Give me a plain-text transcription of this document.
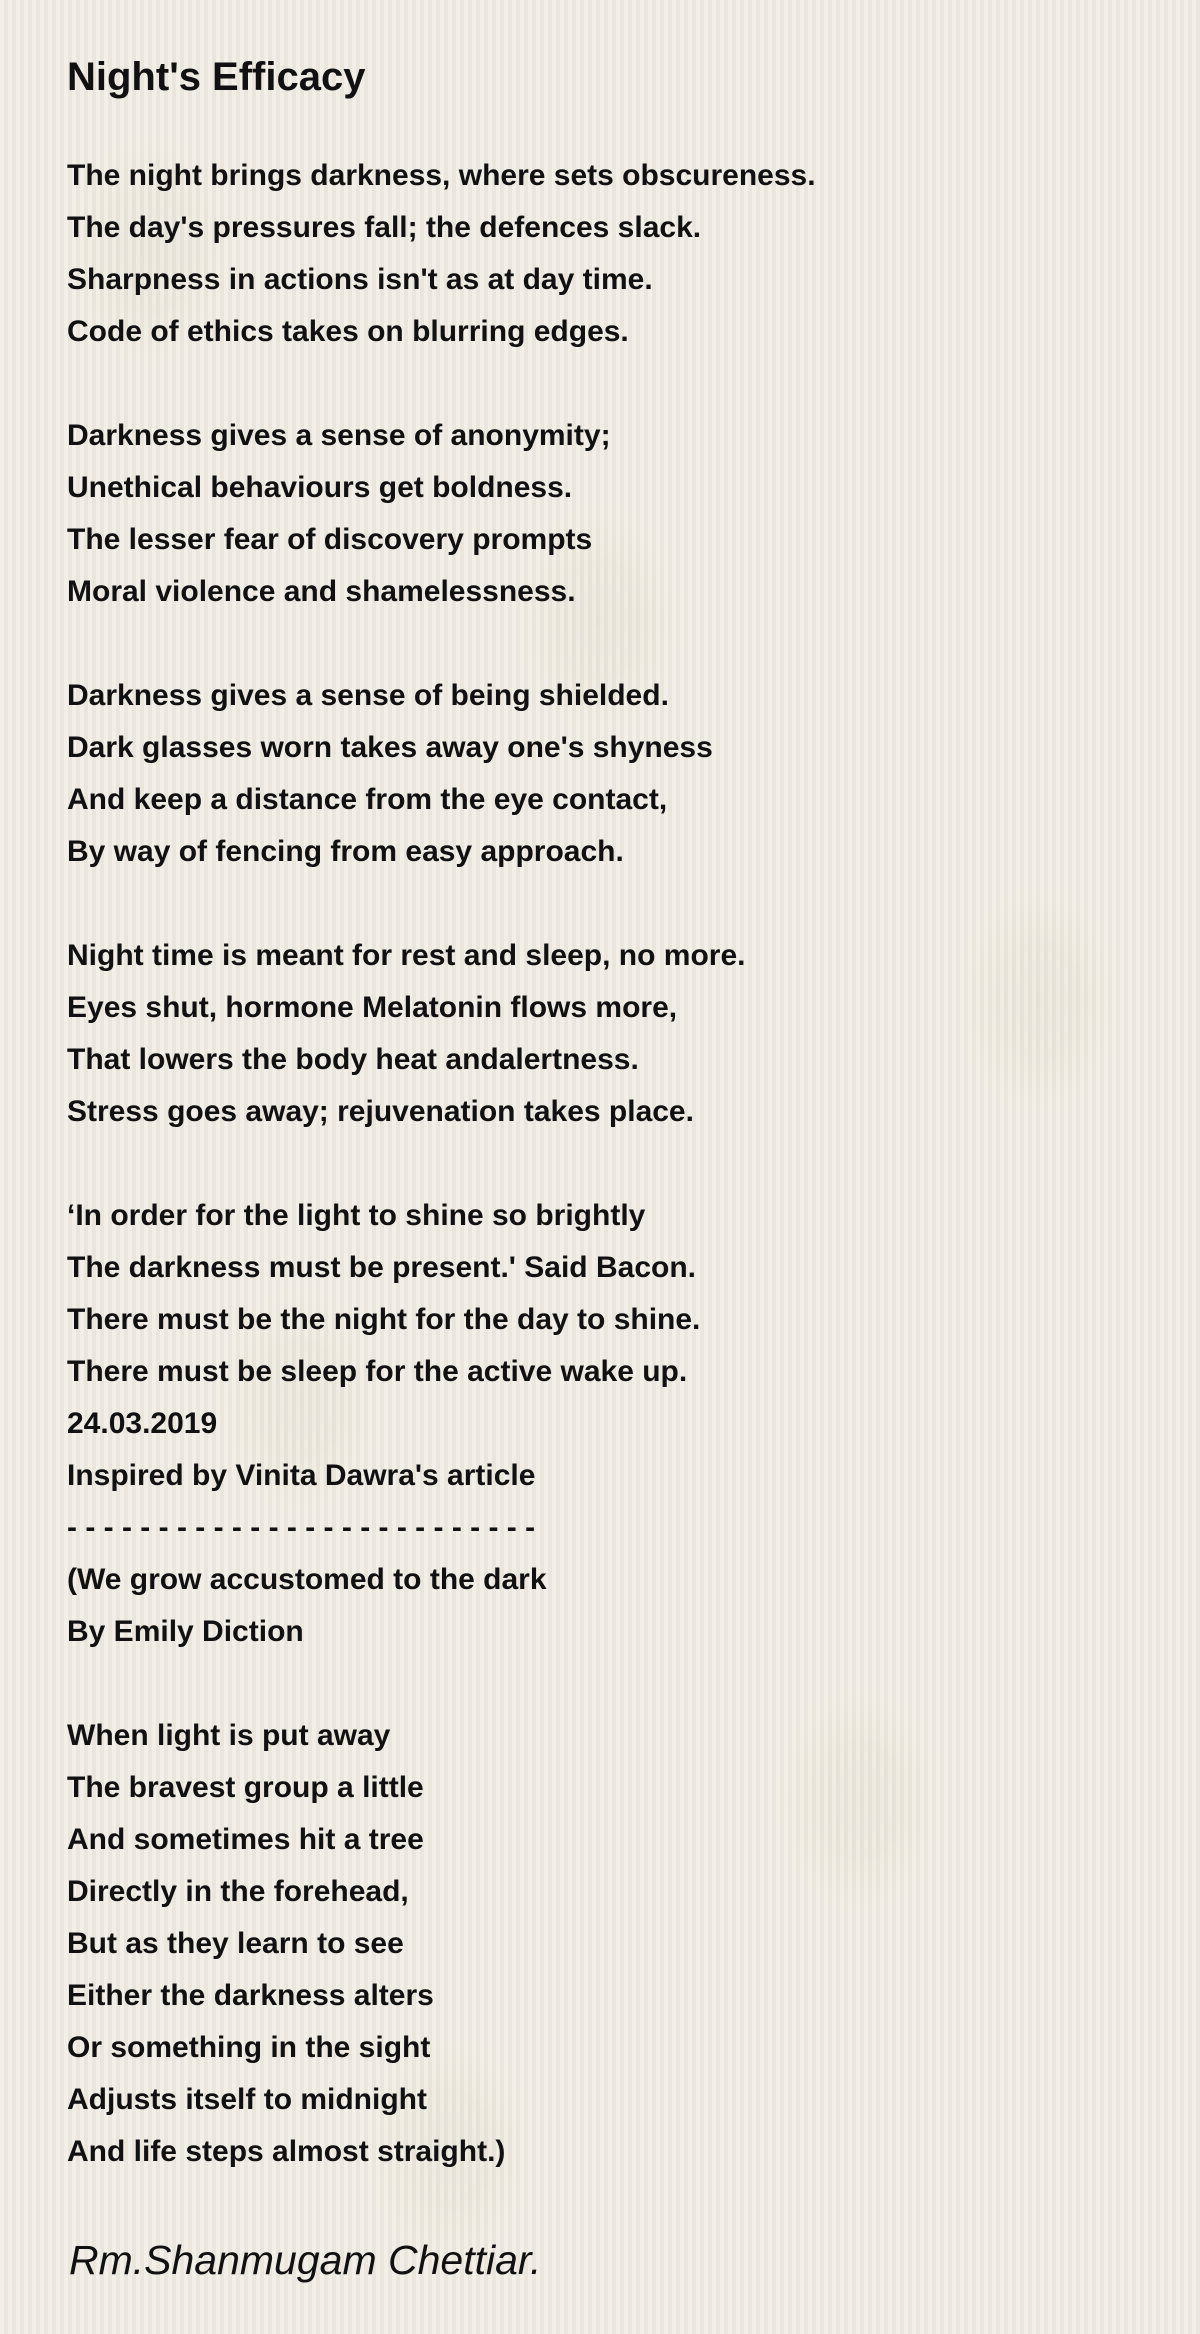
Night's Efficacy
The night brings darkness, where sets obscureness.
The day's pressures fall; the defences slack.
Sharpness in actions isn't as at day time.
Code of ethics takes on blurring edges.
Darkness gives a sense of anonymity;
Unethical behaviours get boldness.
The lesser fear of discovery prompts
Moral violence and shamelessness.
Darkness gives a sense of being shielded.
Dark glasses worn takes away one's shyness
And keep a distance from the eye contact,
By way of fencing from easy approach.
Night time is meant for rest and sleep, no more.
Eyes shut, hormone Melatonin flows more,
That lowers the body heat andalertness.
Stress goes away; rejuvenation takes place.
‘In order for the light to shine so brightly
The darkness must be present.' Said Bacon.
There must be the night for the day to shine.
There must be sleep for the active wake up.
24.03.2019
Inspired by Vinita Dawra's article
- - - - - - - - - - - - - - - - - - - - - - - - - -
(We grow accustomed to the dark
By Emily Diction
When light is put away
The bravest group a little
And sometimes hit a tree
Directly in the forehead,
But as they learn to see
Either the darkness alters
Or something in the sight
Adjusts itself to midnight
And life steps almost straight.)
Rm.Shanmugam Chettiar.
